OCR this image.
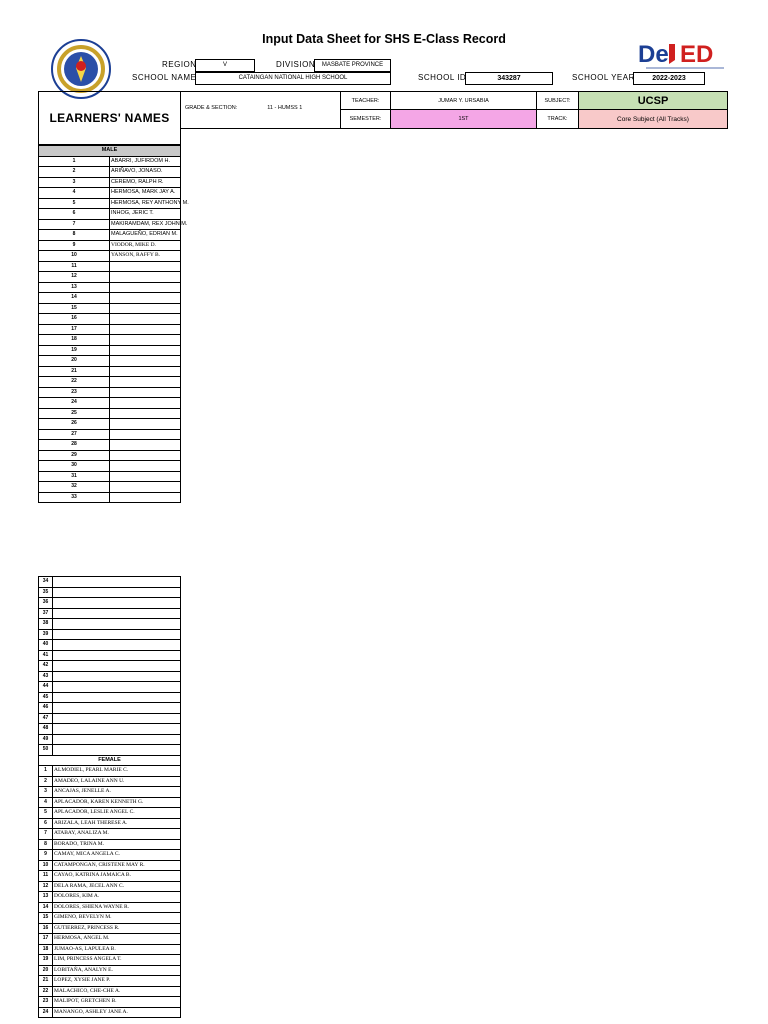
Input Data Sheet for SHS E-Class Record
De ED
REGION	V	DIVISION	MASBATE PROVINCE
SCHOOL NAME	CATAINGAN NATIONAL HIGH SCHOOL	SCHOOL ID	343287	SCHOOL YEAR	2022-2023
LEARNERS' NAMES
GRADE & SECTION:	11 - HUMSS 1
TEACHER:	JUMAR Y. URSABIA	SUBJECT:	UCSP
SEMESTER:	1ST	TRACK:	Core Subject (All Tracks)
MALE	
1	ABARRI, JUFIRDOM H.
2	ARIÑAVO, JONASO.
3	CEREMO, RALPH R.
4	HERMOSA, MARK JAY A.
5	HERMOSA, REY ANTHONY M.
6	INHOG, JERIC T.
7	MAKIRAMDAM, REX JOHN M.
8	MALAGUEÑO, EDRIAN M.
9	VIODOR, MIKE D.
10	YANSON, RAFFY B.
11	
12	
13	
14	
15	
16	
17	
18	
19	
20	
21	
22	
23	
24	
25	
26	
27	
28	
29	
30	
31	
32	
33	
34	
35	
36	
37	
38	
39	
40	
41	
42	
43	
44	
45	
46	
47	
48	
49	
50	
FEMALE	
1	ALMODIEL, PEARL MARIE C.
2	AMADEO, LALAINE ANN U.
3	ANCAJAS, JENELLE A.
4	APLACADOR, KAREN KENNETH G.
5	APLACADOR, LESLIE ANGEL C.
6	ARIZALA, LEAH THERESE A.
7	ATABAY, ANALIZA M.
8	BORADO, TRINA M.
9	CAMAY, MICA ANGELA C.
10	CATAMPONGAN, CRISTENE MAY R.
11	CAYAO, KATRINA JAMAICA B.
12	DELA RAMA, JECEL ANN C.
13	DOLORES, KIM A.
14	DOLORES, SHIENA WAYNE R.
15	GIMENO, BEVELYN M.
16	GUTIERREZ, PRINCESS R.
17	HERMOSA, ANGEL M.
18	JUMAO-AS, LAPULEA B.
19	LIM, PRINCESS ANGELA T.
20	LOBITAÑA, ANALYN E.
21	LOPEZ, XYSIE JANE P.
22	MALACHICO, CHE-CHE A.
23	MALIPOT, GRETCHEN B.
24	MANANGO, ASHLEY JANE A.
